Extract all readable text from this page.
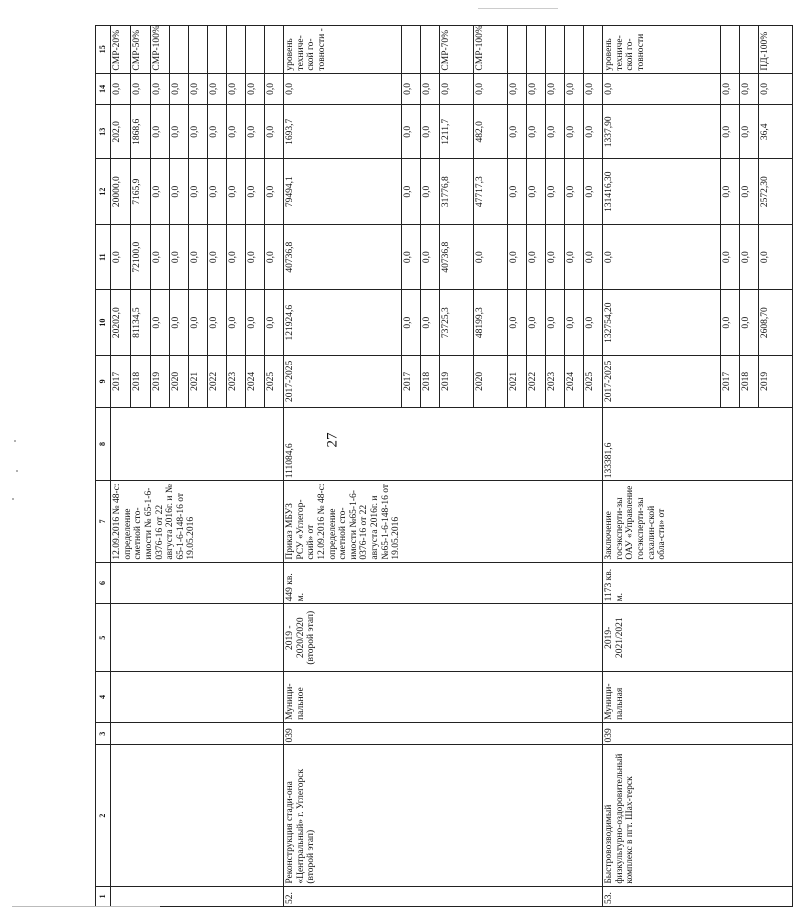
27
1	2	3	4	5	6	7	8	9	10	11	12	13	14	15
						12.09.2016 № 48-с: определение сметной сто-имости № 65-1-6-0376-16 от 22 августа 2016г. и № 65-1-6-148-16 от 19.05.2016		2017	20202,0	0,0	20000,0	202,0	0,0	СМР-20%
								2018	81134,5	72100,0	7165,9	1868,6	0,0	СМР-50%
								2019	0,0	0,0	0,0	0,0	0,0	СМР-100%
								2020	0,0	0,0	0,0	0,0	0,0	
								2021	0,0	0,0	0,0	0,0	0,0	
								2022	0,0	0,0	0,0	0,0	0,0	
								2023	0,0	0,0	0,0	0,0	0,0	
								2024	0,0	0,0	0,0	0,0	0,0	
								2025	0,0	0,0	0,0	0,0	0,0	
52.	Реконструкция стади-она «Центральный» г. Углегорск (второй этап)	039	Муници-пальное	2019 - 2020/2020 (второй этап)	449 кв. м.	Приказ МБУЗ РСУ «Углегор-ский» от 12.09.2016 № 48-с: определение сметной сто-имости №65-1-6-0376-16 от 22 августа 2016г. и №65-1-6-148-16 от 19.05.2016	111084,6	2017-2025	121924,6	40736,8	79494,1	1693,7	0,0	уровень техниче-ской го-товности -
								2017	0,0	0,0	0,0	0,0	0,0	
								2018	0,0	0,0	0,0	0,0	0,0	
								2019	73725,3	40736,8	31776,8	1211,7	0,0	СМР-70%
								2020	48199,3	0,0	47717,3	482,0	0,0	СМР-100%
								2021	0,0	0,0	0,0	0,0	0,0	
								2022	0,0	0,0	0,0	0,0	0,0	
								2023	0,0	0,0	0,0	0,0	0,0	
								2024	0,0	0,0	0,0	0,0	0,0	
								2025	0,0	0,0	0,0	0,0	0,0	
53.	Быстровозводимый физкультурно-оздоровительный комплекс в пгт. Шах-терск	039	Муници-пальная	2019-2021/2021	1173 кв. м.	Заключение госэксперти-зы ОАУ «Управление госэксперти-зы сахалин-ской обла-сти» от	133381,6	2017-2025	132754,20	0,0	131416,30	1337,90	0,0	уровень техниче-ской го-товности
								2017	0,0	0,0	0,0	0,0	0,0	
								2018	0,0	0,0	0,0	0,0	0,0	
								2019	2608,70	0,0	2572,30	36,4	0,0	ПД-100%
